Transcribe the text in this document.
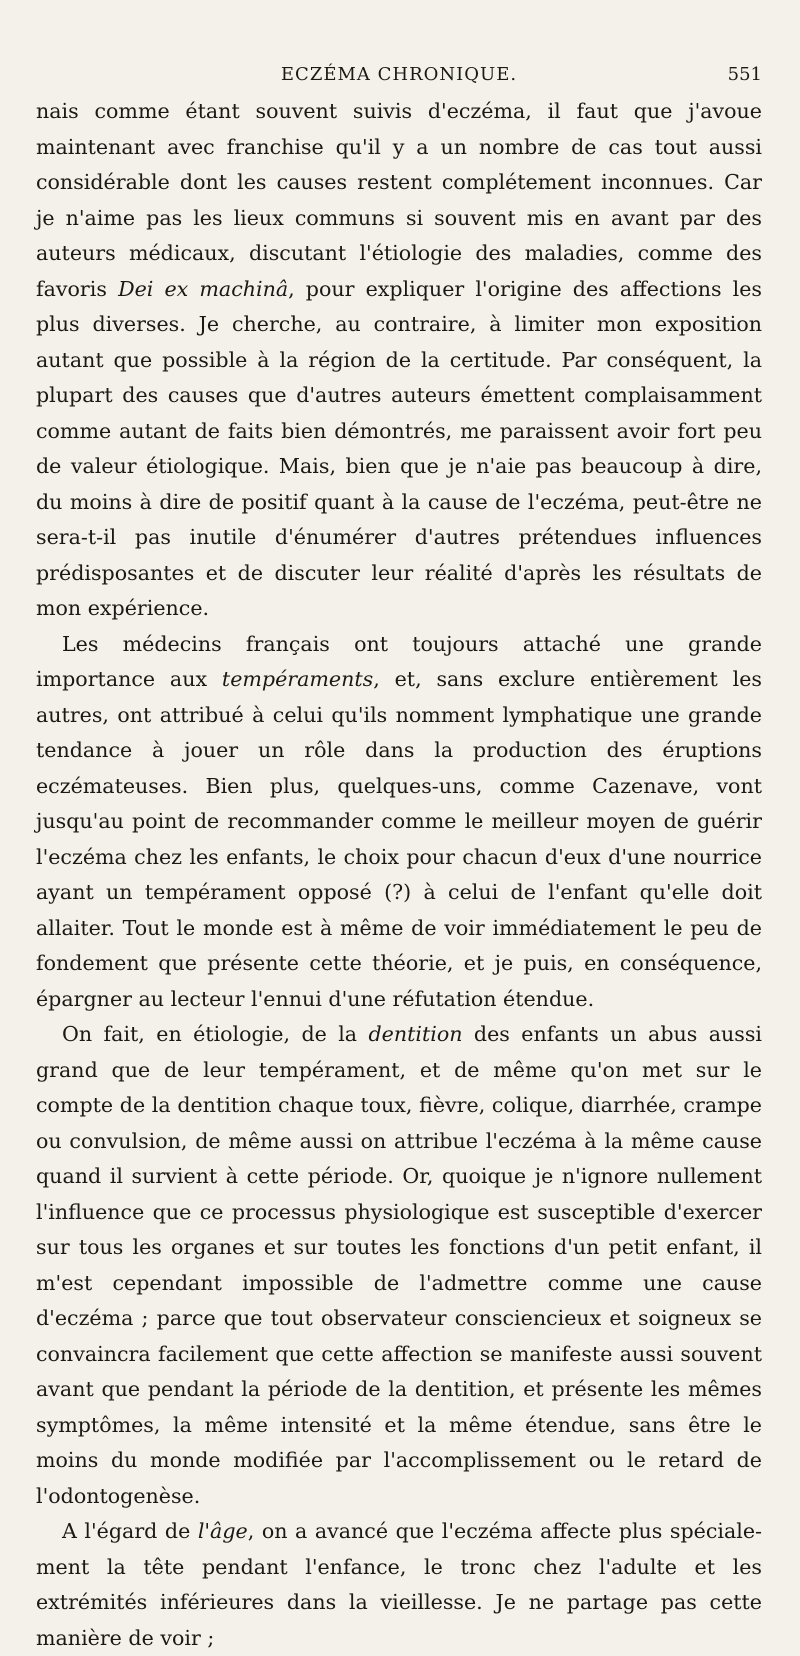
ECZÉMA CHRONIQUE.	551

nais comme étant souvent suivis d'eczéma, il faut que j'avoue maintenant avec franchise qu'il y a un nombre de cas tout aussi considérable dont les causes restent complétement inconnues. Car je n'aime pas les lieux communs si souvent mis en avant par des auteurs médicaux, discutant l'étiologie des maladies, comme des favoris Dei ex machinâ, pour expliquer l'origine des affections les plus diverses. Je cherche, au contraire, à limiter mon exposition autant que possible à la région de la certitude. Par conséquent, la plupart des causes que d'autres auteurs émettent complaisamment comme autant de faits bien démontrés, me paraissent avoir fort peu de valeur étiologique. Mais, bien que je n'aie pas beaucoup à dire, du moins à dire de positif quant à la cause de l'eczéma, peut-être ne sera-t-il pas inutile d'énumérer d'autres prétendues influences prédisposantes et de discuter leur réalité d'après les résultats de mon expérience.

Les médecins français ont toujours attaché une grande importance aux tempéraments, et, sans exclure entièrement les autres, ont attribué à celui qu'ils nomment lymphatique une grande tendance à jouer un rôle dans la production des éruptions eczémateuses. Bien plus, quelques-uns, comme Cazenave, vont jusqu'au point de recommander comme le meilleur moyen de guérir l'eczéma chez les enfants, le choix pour chacun d'eux d'une nourrice ayant un tempérament opposé (?) à celui de l'enfant qu'elle doit allaiter. Tout le monde est à même de voir immédiatement le peu de fondement que présente cette théorie, et je puis, en conséquence, épargner au lecteur l'ennui d'une réfutation étendue.

On fait, en étiologie, de la dentition des enfants un abus aussi grand que de leur tempérament, et de même qu'on met sur le compte de la dentition chaque toux, fièvre, colique, diarrhée, crampe ou convulsion, de même aussi on attribue l'eczéma à la même cause quand il survient à cette période. Or, quoique je n'ignore nullement l'influence que ce processus physiologique est susceptible d'exercer sur tous les organes et sur toutes les fonctions d'un petit enfant, il m'est cependant impossible de l'admettre comme une cause d'eczéma ; parce que tout observateur consciencieux et soigneux se convaincra facilement que cette affection se manifeste aussi souvent avant que pendant la période de la dentition, et présente les mêmes symptômes, la même intensité et la même étendue, sans être le moins du monde modifiée par l'accomplissement ou le retard de l'odontogenèse.

A l'égard de l'âge, on a avancé que l'eczéma affecte plus spécialement la tête pendant l'enfance, le tronc chez l'adulte et les extrémités inférieures dans la vieillesse. Je ne partage pas cette manière de voir ;
